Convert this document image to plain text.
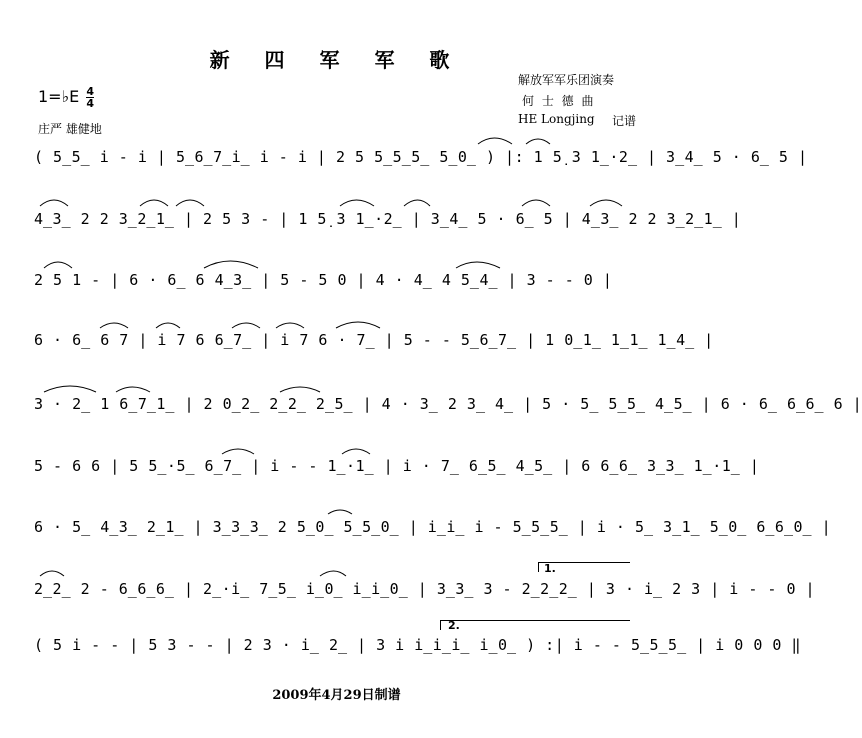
新 四 军 军 歌
1=♭E $\frac{4}{4}$
庄严 雄健地
解放军军乐团演奏
何 士 德 曲
HE Longjing 记谱
( 5̲5̲ i - i | 5̲6̲7̲i̲ i - i | 2 5 5̲5̲5̲ 5̲0̲ ) |: 1 5̣ 3 1̲·2̲ | 3̲4̲ 5 · 6̲ 5 |
4̲3̲ 2 2 3̲2̲1̲ | 2 5 3 - | 1 5̣ 3 1̲·2̲ | 3̲4̲ 5 · 6̲ 5 | 4̲3̲ 2 2 3̲2̲1̲ |
2 5 1 - | 6 · 6̲ 6 4̲3̲ | 5 - 5 0 | 4 · 4̲ 4 5̲4̲ | 3 - - 0 |
6 · 6̲ 6 7 | i 7 6 6̲7̲ | i 7 6 · 7̲ | 5 - - 5̲6̲7̲ | 1 0̲1̲ 1̲1̲ 1̲4̲ |
3 · 2̲ 1 6̲7̲1̲ | 2 0̲2̲ 2̲2̲ 2̲5̲ | 4 · 3̲ 2 3̲ 4̲ | 5 · 5̲ 5̲5̲ 4̲5̲ | 6 · 6̲ 6̲6̲ 6 |
5 - 6 6 | 5 5̲·5̲ 6̲7̲ | i - - 1̲·1̲ | i · 7̲ 6̲5̲ 4̲5̲ | 6 6̲6̲ 3̲3̲ 1̲·1̲ |
6 · 5̲ 4̲3̲ 2̲1̲ | 3̲3̲3̲ 2 5̲0̲ 5̲5̲0̲ | i̲i̲ i - 5̲5̲5̲ | i · 5̲ 3̲1̲ 5̲0̲ 6̲6̲0̲ |
2̲2̲ 2 - 6̲6̲6̲ | 2̲·i̲ 7̲5̲ i̲0̲ i̲i̲0̲ | 3̲3̲ 3 - 2̲2̲2̲ | 3 · i̲ 2 3 | i - - 0 |
( 5 i - - | 5 3 - - | 2 3 · i̲ 2̲ | 3 i i̲i̲i̲ i̲0̲ ) :| i - - 5̲5̲5̲ | i 0 0 0 ‖
1.
2.
2009年4月29日制谱
